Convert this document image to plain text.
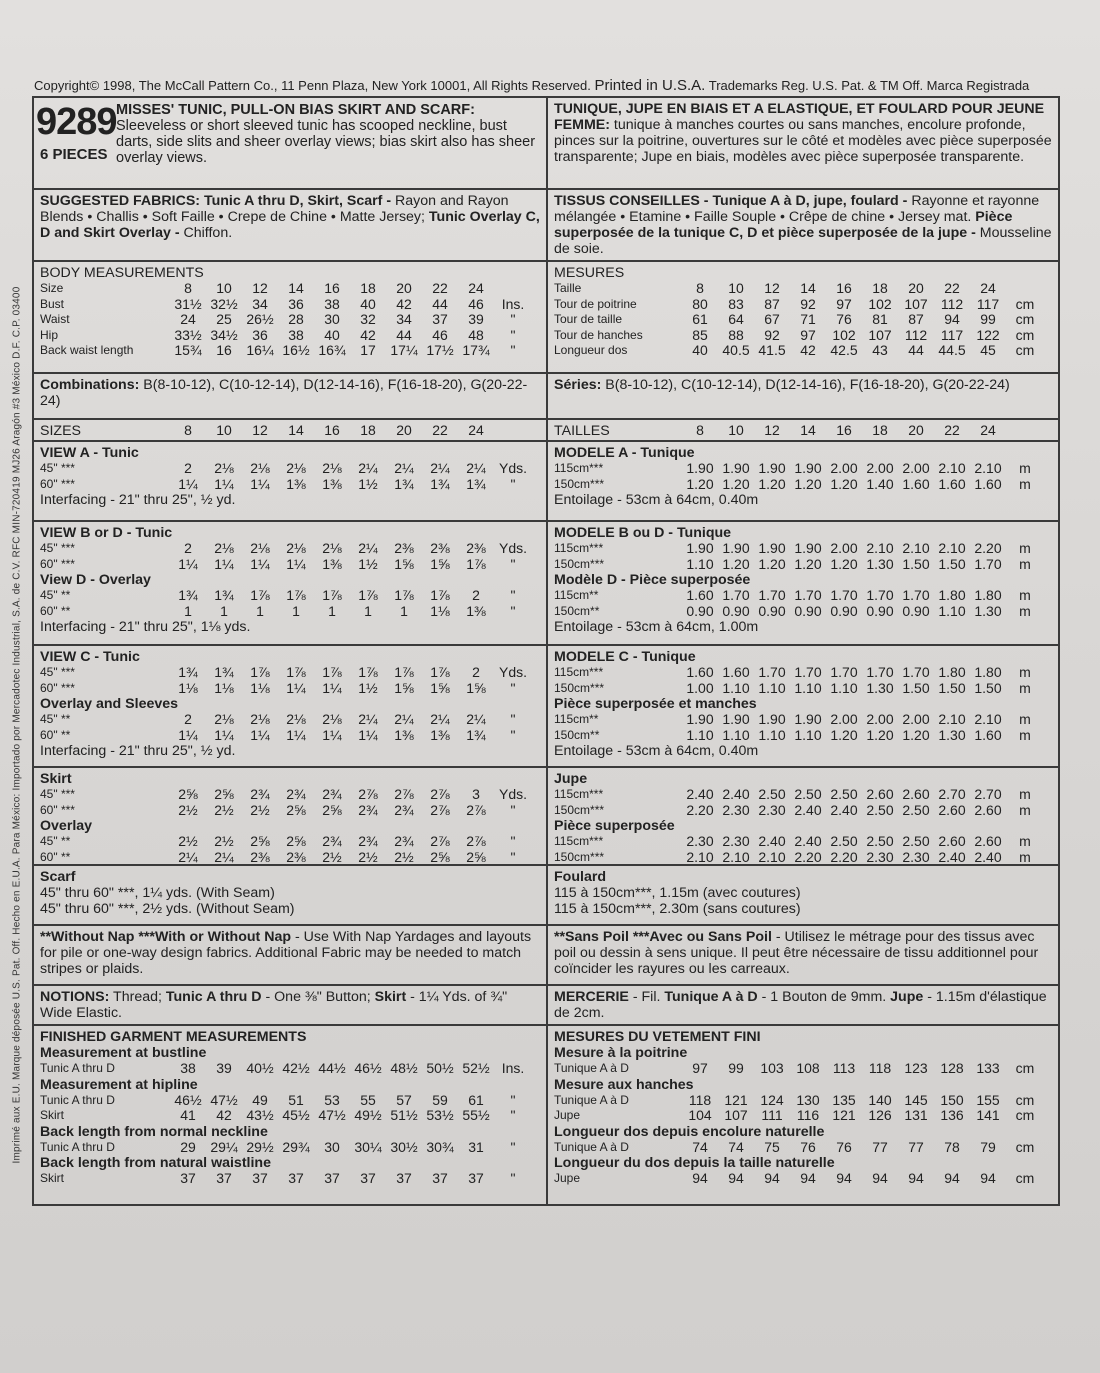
Copyright© 1998, The McCall Pattern Co., 11 Penn Plaza, New York 10001, All Rights Reserved. Printed in U.S.A. Trademarks Reg. U.S. Pat. & TM Off. Marca Registrada
Imprimé aux E.U. Marque déposée U.S. Pat. Off. Hecho en E.U.A. Para México: Importado por Mercadotec Industrial, S.A. de C.V. RFC MIN-720419 MJ26 Aragón #3 México D.F. C.P. 03400
9289
6 PIECES
MISSES' TUNIC, PULL-ON BIAS SKIRT AND SCARF: Sleeveless or short sleeved tunic has scooped neckline, bust darts, side slits and sheer overlay views; bias skirt also has sheer overlay views.
SUGGESTED FABRICS: Tunic A thru D, Skirt, Scarf - Rayon and Rayon Blends • Challis • Soft Faille • Crepe de Chine • Matte Jersey; Tunic Overlay C, D and Skirt Overlay - Chiffon.
BODY MEASUREMENTS
Size	8	10	12	14	16	18	20	22	24	
Bust	31½	32½	34	36	38	40	42	44	46	Ins.
Waist	24	25	26½	28	30	32	34	37	39	"
Hip	33½	34½	36	38	40	42	44	46	48	"
Back waist length	15¾	16	16¼	16½	16¾	17	17¼	17½	17¾	"
Combinations: B(8-10-12), C(10-12-14), D(12-14-16), F(16-18-20), G(20-22-24)
SIZES	8	10	12	14	16	18	20	22	24
VIEW A - Tunic
45" ***	2	2⅛	2⅛	2⅛	2⅛	2¼	2¼	2¼	2¼	Yds.
60" ***	1¼	1¼	1¼	1⅜	1⅜	1½	1¾	1¾	1¾	"
Interfacing - 21" thru 25", ½ yd.
VIEW B or D - Tunic
45" ***	2	2⅛	2⅛	2⅛	2⅛	2¼	2⅜	2⅜	2⅜	Yds.
60" ***	1¼	1¼	1¼	1¼	1⅜	1½	1⅝	1⅝	1⅞	"
View D - Overlay
45" **	1¾	1¾	1⅞	1⅞	1⅞	1⅞	1⅞	1⅞	2	"
60" **	1	1	1	1	1	1	1	1⅛	1⅜	"
Interfacing - 21" thru 25", 1⅛ yds.
VIEW C - Tunic
45" ***	1¾	1¾	1⅞	1⅞	1⅞	1⅞	1⅞	1⅞	2	Yds.
60" ***	1⅛	1⅛	1⅛	1¼	1¼	1½	1⅝	1⅝	1⅝	"
Overlay and Sleeves
45" **	2	2⅛	2⅛	2⅛	2⅛	2¼	2¼	2¼	2¼	"
60" **	1¼	1¼	1¼	1¼	1¼	1¼	1⅜	1⅜	1¾	"
Interfacing - 21" thru 25", ½ yd.
Skirt
45" ***	2⅝	2⅝	2¾	2¾	2¾	2⅞	2⅞	2⅞	3	Yds.
60" ***	2½	2½	2½	2⅝	2⅝	2¾	2¾	2⅞	2⅞	"
Overlay
45" **	2½	2½	2⅝	2⅝	2¾	2¾	2¾	2⅞	2⅞	"
60" **	2¼	2¼	2⅜	2⅜	2½	2½	2½	2⅝	2⅝	"
Scarf
45" thru 60" ***, 1¼ yds. (With Seam)
45" thru 60" ***, 2½ yds. (Without Seam)
**Without Nap ***With or Without Nap - Use With Nap Yardages and layouts for pile or one-way design fabrics. Additional Fabric may be needed to match stripes or plaids.
NOTIONS: Thread; Tunic A thru D - One ⅜" Button; Skirt - 1¼ Yds. of ¾" Wide Elastic.
FINISHED GARMENT MEASUREMENTS
Measurement at bustline
Tunic A thru D	38	39	40½	42½	44½	46½	48½	50½	52½	Ins.
Measurement at hipline
Tunic A thru D	46½	47½	49	51	53	55	57	59	61	"
Skirt	41	42	43½	45½	47½	49½	51½	53½	55½	"
Back length from normal neckline
Tunic A thru D	29	29¼	29½	29¾	30	30¼	30½	30¾	31	"
Back length from natural waistline
Skirt	37	37	37	37	37	37	37	37	37	"
TUNIQUE, JUPE EN BIAIS ET A ELASTIQUE, ET FOULARD POUR JEUNE FEMME: tunique à manches courtes ou sans manches, encolure profonde, pinces sur la poitrine, ouvertures sur le côté et modèles avec pièce superposée transparente; Jupe en biais, modèles avec pièce superposée transparente.
TISSUS CONSEILLES - Tunique A à D, jupe, foulard - Rayonne et rayonne mélangée • Etamine • Faille Souple • Crêpe de chine • Jersey mat. Pièce superposée de la tunique C, D et pièce superposée de la jupe - Mousseline de soie.
MESURES
Taille	8	10	12	14	16	18	20	22	24	
Tour de poitrine	80	83	87	92	97	102	107	112	117	cm
Tour de taille	61	64	67	71	76	81	87	94	99	cm
Tour de hanches	85	88	92	97	102	107	112	117	122	cm
Longueur dos	40	40.5	41.5	42	42.5	43	44	44.5	45	cm
Séries: B(8-10-12), C(10-12-14), D(12-14-16), F(16-18-20), G(20-22-24)
TAILLES	8	10	12	14	16	18	20	22	24
MODELE A - Tunique
115cm***	1.90	1.90	1.90	1.90	2.00	2.00	2.00	2.10	2.10	m
150cm***	1.20	1.20	1.20	1.20	1.20	1.40	1.60	1.60	1.60	m
Entoilage - 53cm à 64cm, 0.40m
MODELE B ou D - Tunique
115cm***	1.90	1.90	1.90	1.90	2.00	2.10	2.10	2.10	2.20	m
150cm***	1.10	1.20	1.20	1.20	1.20	1.30	1.50	1.50	1.70	m
Modèle D - Pièce superposée
115cm**	1.60	1.70	1.70	1.70	1.70	1.70	1.70	1.80	1.80	m
150cm**	0.90	0.90	0.90	0.90	0.90	0.90	0.90	1.10	1.30	m
Entoilage - 53cm à 64cm, 1.00m
MODELE C - Tunique
115cm***	1.60	1.60	1.70	1.70	1.70	1.70	1.70	1.80	1.80	m
150cm***	1.00	1.10	1.10	1.10	1.10	1.30	1.50	1.50	1.50	m
Pièce superposée et manches
115cm**	1.90	1.90	1.90	1.90	2.00	2.00	2.00	2.10	2.10	m
150cm**	1.10	1.10	1.10	1.10	1.20	1.20	1.20	1.30	1.60	m
Entoilage - 53cm à 64cm, 0.40m
Jupe
115cm***	2.40	2.40	2.50	2.50	2.50	2.60	2.60	2.70	2.70	m
150cm***	2.20	2.30	2.30	2.40	2.40	2.50	2.50	2.60	2.60	m
Pièce superposée
115cm***	2.30	2.30	2.40	2.40	2.50	2.50	2.50	2.60	2.60	m
150cm***	2.10	2.10	2.10	2.20	2.20	2.30	2.30	2.40	2.40	m
Foulard
115 à 150cm***, 1.15m (avec coutures)
115 à 150cm***, 2.30m (sans coutures)
**Sans Poil ***Avec ou Sans Poil - Utilisez le métrage pour des tissus avec poil ou dessin à sens unique. Il peut être nécessaire de tissu additionnel pour coïncider les rayures ou les carreaux.
MERCERIE - Fil. Tunique A à D - 1 Bouton de 9mm. Jupe - 1.15m d'élastique de 2cm.
MESURES DU VETEMENT FINI
Mesure à la poitrine
Tunique A à D	97	99	103	108	113	118	123	128	133	cm
Mesure aux hanches
Tunique A à D	118	121	124	130	135	140	145	150	155	cm
Jupe	104	107	111	116	121	126	131	136	141	cm
Longueur dos depuis encolure naturelle
Tunique A à D	74	74	75	76	76	77	77	78	79	cm
Longueur du dos depuis la taille naturelle
Jupe	94	94	94	94	94	94	94	94	94	cm
